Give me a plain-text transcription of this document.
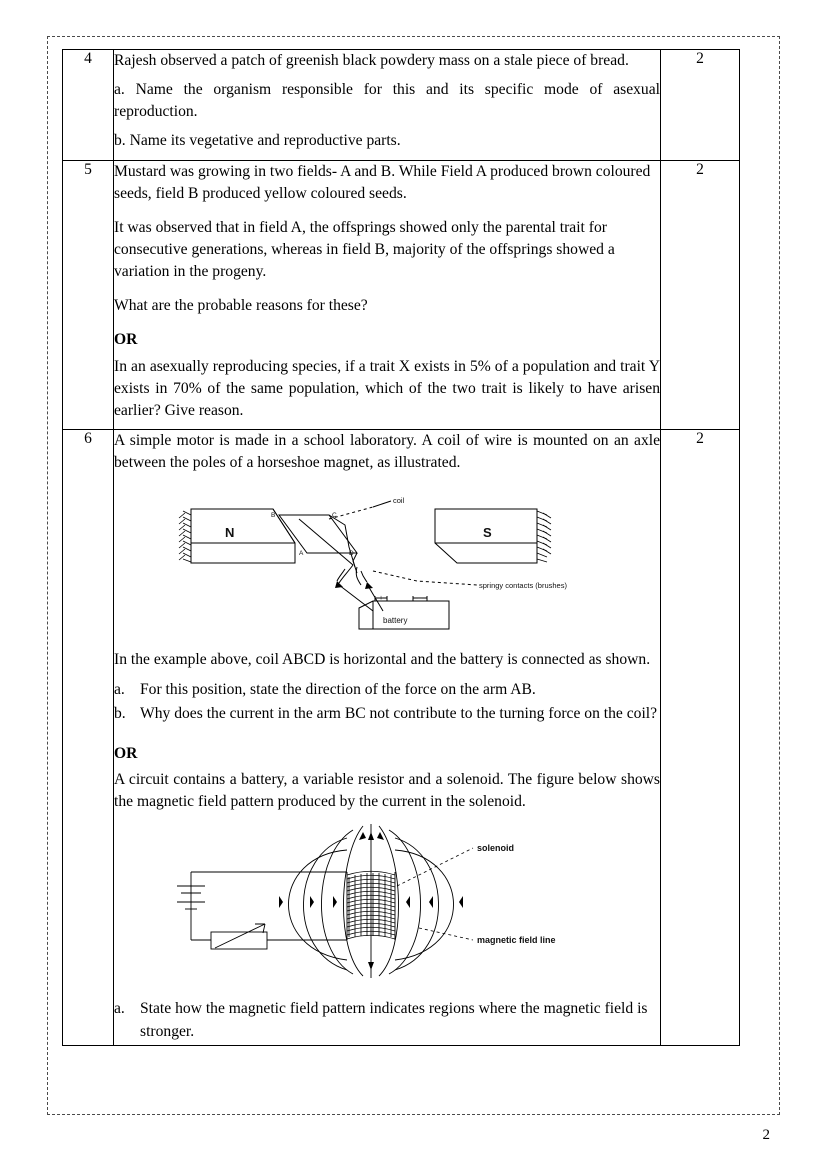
4	Rajesh observed a patch of greenish black powdery mass on a stale piece of bread.

a. Name the organism responsible for this and its specific mode of asexual reproduction.

b. Name its vegetative and reproductive parts.	2
5	Mustard was growing in two fields- A and B. While Field A produced brown coloured seeds, field B produced yellow coloured seeds.

It was observed that in field A, the offsprings showed only the parental trait for consecutive generations, whereas in field B, majority of the offsprings showed a variation in the progeny.

What are the probable reasons for these?

OR

In an asexually reproducing species, if a trait X exists in 5% of a population and trait Y exists in 70% of the same population, which of the two trait is likely to have arisen earlier? Give reason.	2
6	A simple motor is made in a school laboratory. A coil of wire is mounted on an axle between the poles of a horseshoe magnet, as illustrated.

N	S
coil
B	C
A	D
springy contacts (brushes)
battery
+	–

In the example above, coil ABCD is horizontal and the battery is connected as shown.

a. For this position, state the direction of the force on the arm AB.
b. Why does the current in the arm BC not contribute to the turning force on the coil?

OR

A circuit contains a battery, a variable resistor and a solenoid. The figure below shows the magnetic field pattern produced by the current in the solenoid.

solenoid
magnetic field line
a. State how the magnetic field pattern indicates regions where the magnetic field is stronger.
	2
2
